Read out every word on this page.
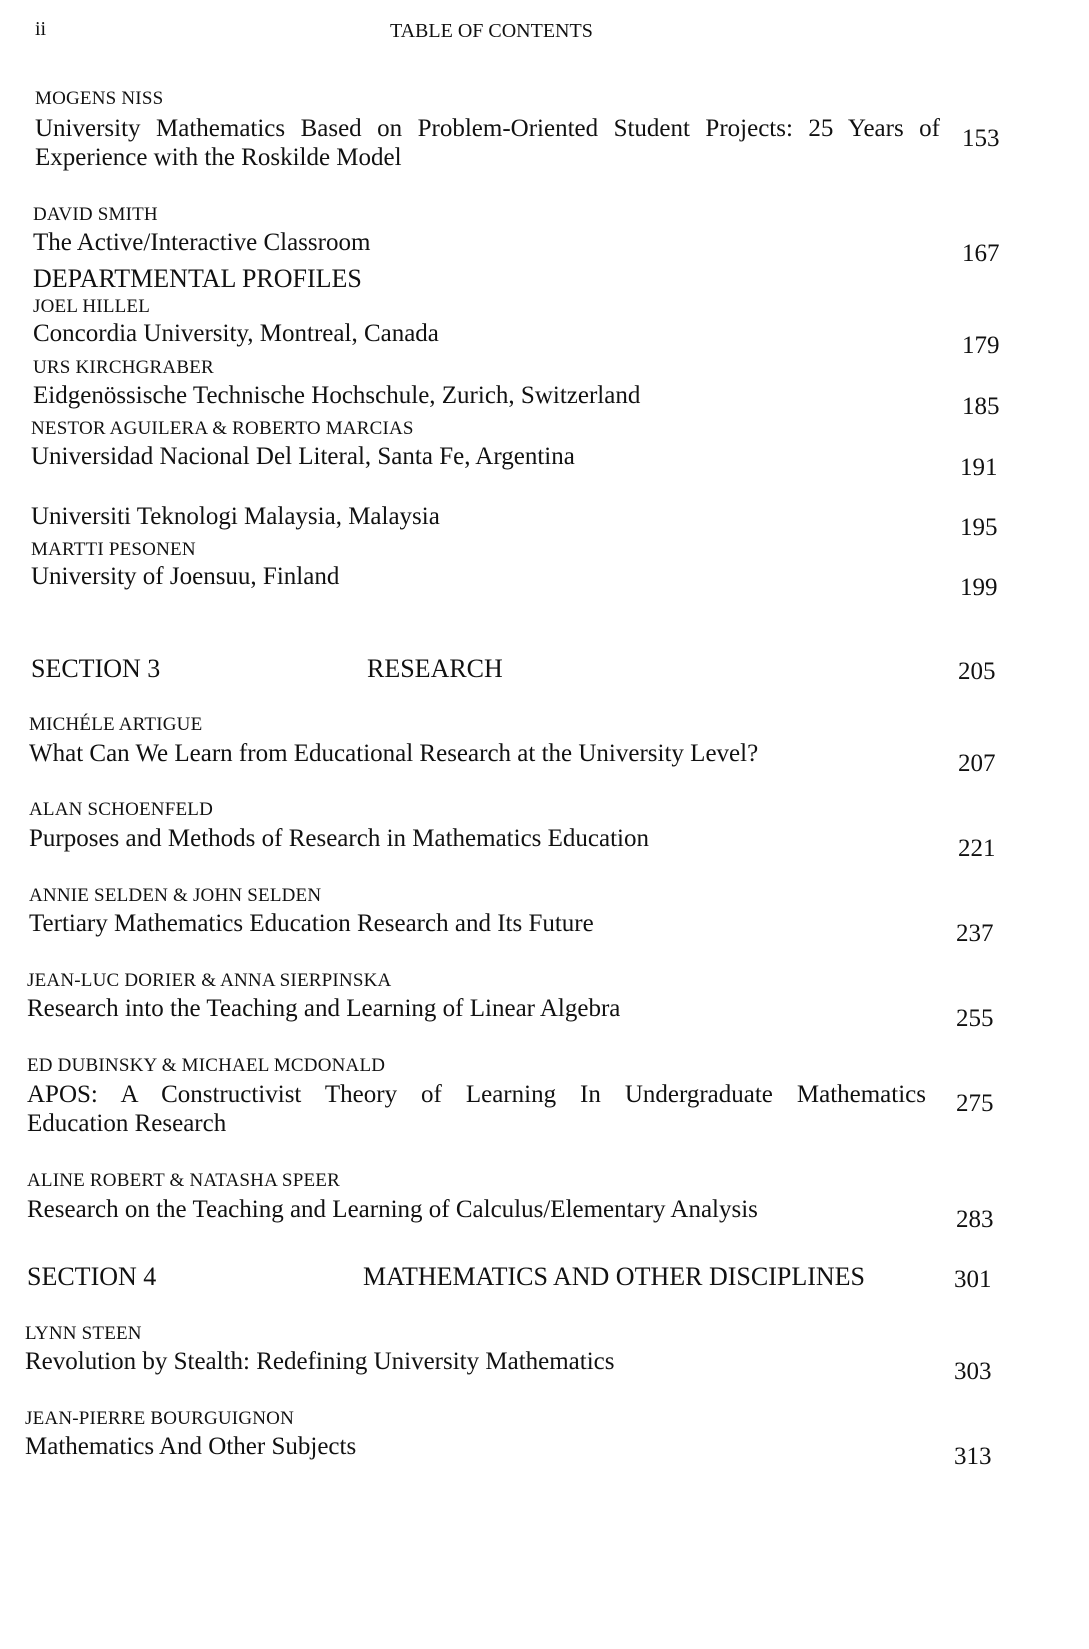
ii	TABLE OF CONTENTS
MOGENS NISS
University Mathematics Based on Problem-Oriented Student Projects: 25 Years of
Experience with the Roskilde Model
153
DAVID SMITH
The Active/Interactive Classroom	167
DEPARTMENTAL PROFILES
JOEL HILLEL
Concordia University, Montreal, Canada	179
URS KIRCHGRABER
Eidgenössische Technische Hochschule, Zurich, Switzerland	185
NESTOR AGUILERA & ROBERTO MARCIAS
Universidad Nacional Del Literal, Santa Fe, Argentina	191
Universiti Teknologi Malaysia, Malaysia	195
MARTTI PESONEN
University of Joensuu, Finland	199
SECTION 3	RESEARCH	205
MICHÉLE ARTIGUE
What Can We Learn from Educational Research at the University Level?	207
ALAN SCHOENFELD
Purposes and Methods of Research in Mathematics Education	221
ANNIE SELDEN & JOHN SELDEN
Tertiary Mathematics Education Research and Its Future	237
JEAN-LUC DORIER & ANNA SIERPINSKA
Research into the Teaching and Learning of Linear Algebra	255
ED DUBINSKY & MICHAEL MCDONALD
APOS: A Constructivist Theory of Learning In Undergraduate Mathematics
Education Research
275
ALINE ROBERT & NATASHA SPEER
Research on the Teaching and Learning of Calculus/Elementary Analysis	283
SECTION 4	MATHEMATICS AND OTHER DISCIPLINES	301
LYNN STEEN
Revolution by Stealth: Redefining University Mathematics	303
JEAN-PIERRE BOURGUIGNON
Mathematics And Other Subjects	313
